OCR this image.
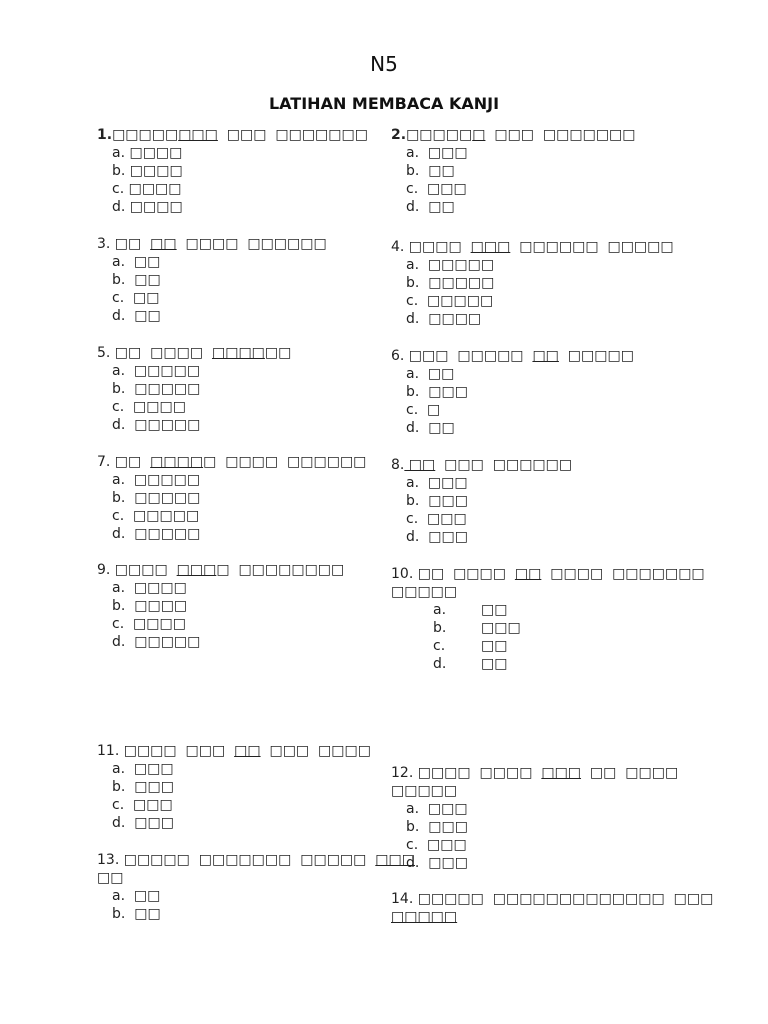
N5
LATIHAN MEMBACA KANJI
1.□□□□□□□□  □□□  □□□□□□□
a. □□□□
b. □□□□
c. □□□□
d. □□□□
3. □□  □□  □□□□  □□□□□□
a.  □□
b.  □□
c.  □□
d.  □□
5. □□  □□□□  □□□□□□
a.  □□□□□
b.  □□□□□
c.  □□□□
d.  □□□□□
7. □□  □□□□□  □□□□  □□□□□□
a.  □□□□□
b.  □□□□□
c.  □□□□□
d.  □□□□□
9. □□□□  □□□□  □□□□□□□□
a.  □□□□
b.  □□□□
c.  □□□□
d.  □□□□□
11. □□□□  □□□  □□  □□□  □□□□
a.  □□□
b.  □□□
c.  □□□
d.  □□□
13. □□□□□  □□□□□□□  □□□□□  □□□
□□
a.  □□
b.  □□
2.□□□□□□  □□□  □□□□□□□
a.  □□□
b.  □□
c.  □□□
d.  □□
4. □□□□  □□□  □□□□□□  □□□□□
a.  □□□□□
b.  □□□□□
c.  □□□□□
d.  □□□□
6. □□□  □□□□□  □□  □□□□□
a.  □□
b.  □□□
c.  □
d.  □□
8. □□  □□□  □□□□□□
a.  □□□
b.  □□□
c.  □□□
d.  □□□
10. □□  □□□□  □□  □□□□  □□□□□□□
□□□□□
a. □□
b. □□□
c.	□□
d. □□
12. □□□□  □□□□  □□□  □□  □□□□
□□□□□
a.  □□□
b.  □□□
c.  □□□
d.  □□□
14. □□□□□  □□□□□□□□□□□□□  □□□
□□□□□
